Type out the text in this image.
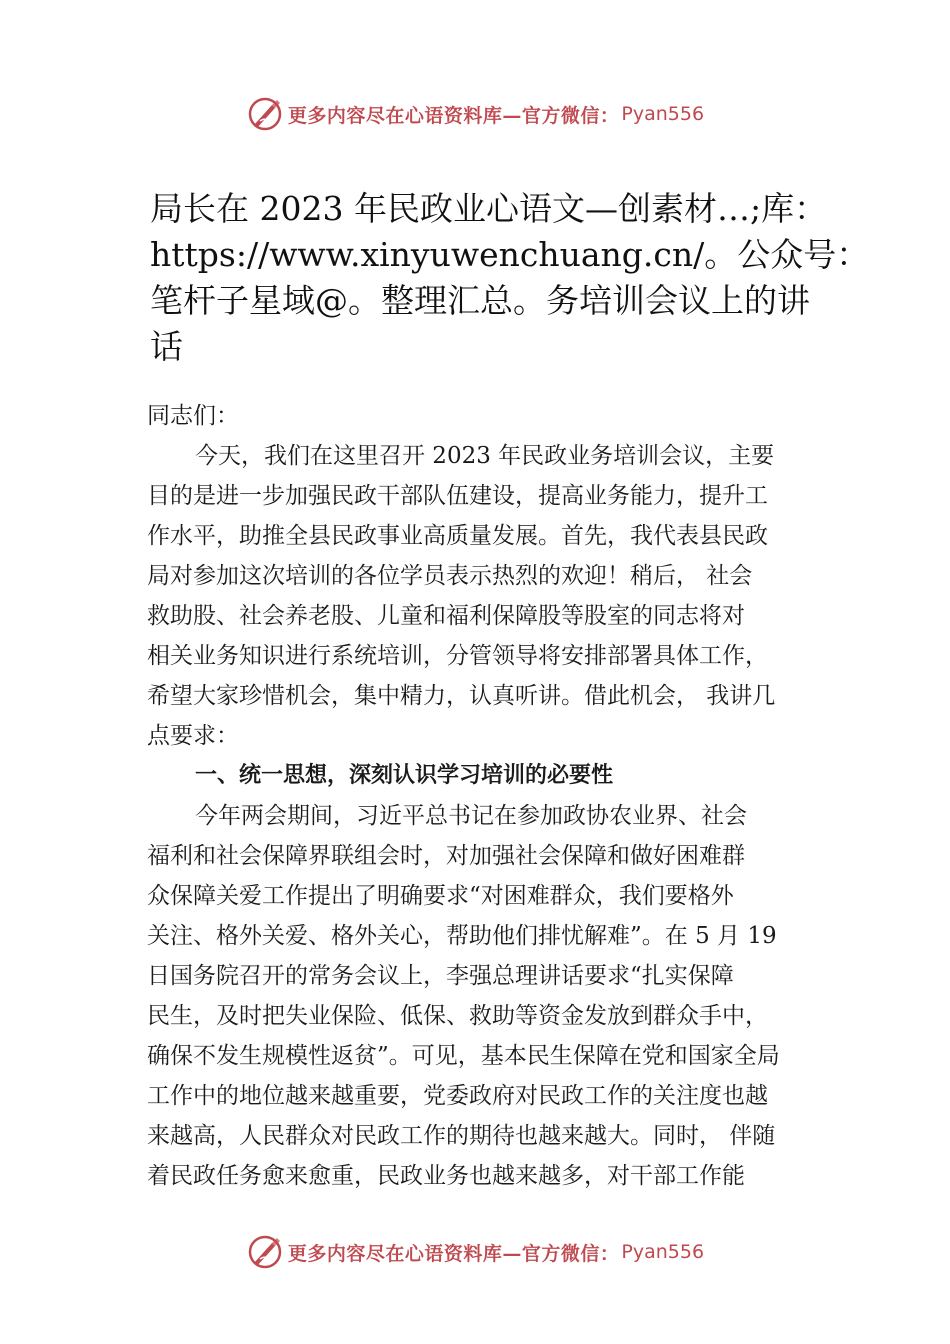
更多内容尽在心语资料库—官方微信： Pyan556
局长在 2023 年民政业心语文—创素材…;库：
https://www.xinyuwenchuang.cn/。公众号：
笔杆子星域@。整理汇总。务培训会议上的讲
话
同志们：
今天，我们在这里召开 2023 年民政业务培训会议，主要
目的是进一步加强民政干部队伍建设，提高业务能力，提升工
作水平，助推全县民政事业高质量发展。首先，我代表县民政
局对参加这次培训的各位学员表示热烈的欢迎！稍后， 社会
救助股、社会养老股、儿童和福利保障股等股室的同志将对
相关业务知识进行系统培训，分管领导将安排部署具体工作，
希望大家珍惜机会，集中精力，认真听讲。借此机会， 我讲几
点要求：
一、统一思想，深刻认识学习培训的必要性
今年两会期间，习近平总书记在参加政协农业界、社会
福利和社会保障界联组会时，对加强社会保障和做好困难群
众保障关爱工作提出了明确要求“对困难群众，我们要格外
关注、格外关爱、格外关心，帮助他们排忧解难”。在 5 月 19
日国务院召开的常务会议上，李强总理讲话要求“扎实保障
民生，及时把失业保险、低保、救助等资金发放到群众手中，
确保不发生规模性返贫”。可见，基本民生保障在党和国家全局
工作中的地位越来越重要，党委政府对民政工作的关注度也越
来越高，人民群众对民政工作的期待也越来越大。同时， 伴随
着民政任务愈来愈重，民政业务也越来越多，对干部工作能
更多内容尽在心语资料库—官方微信： Pyan556
